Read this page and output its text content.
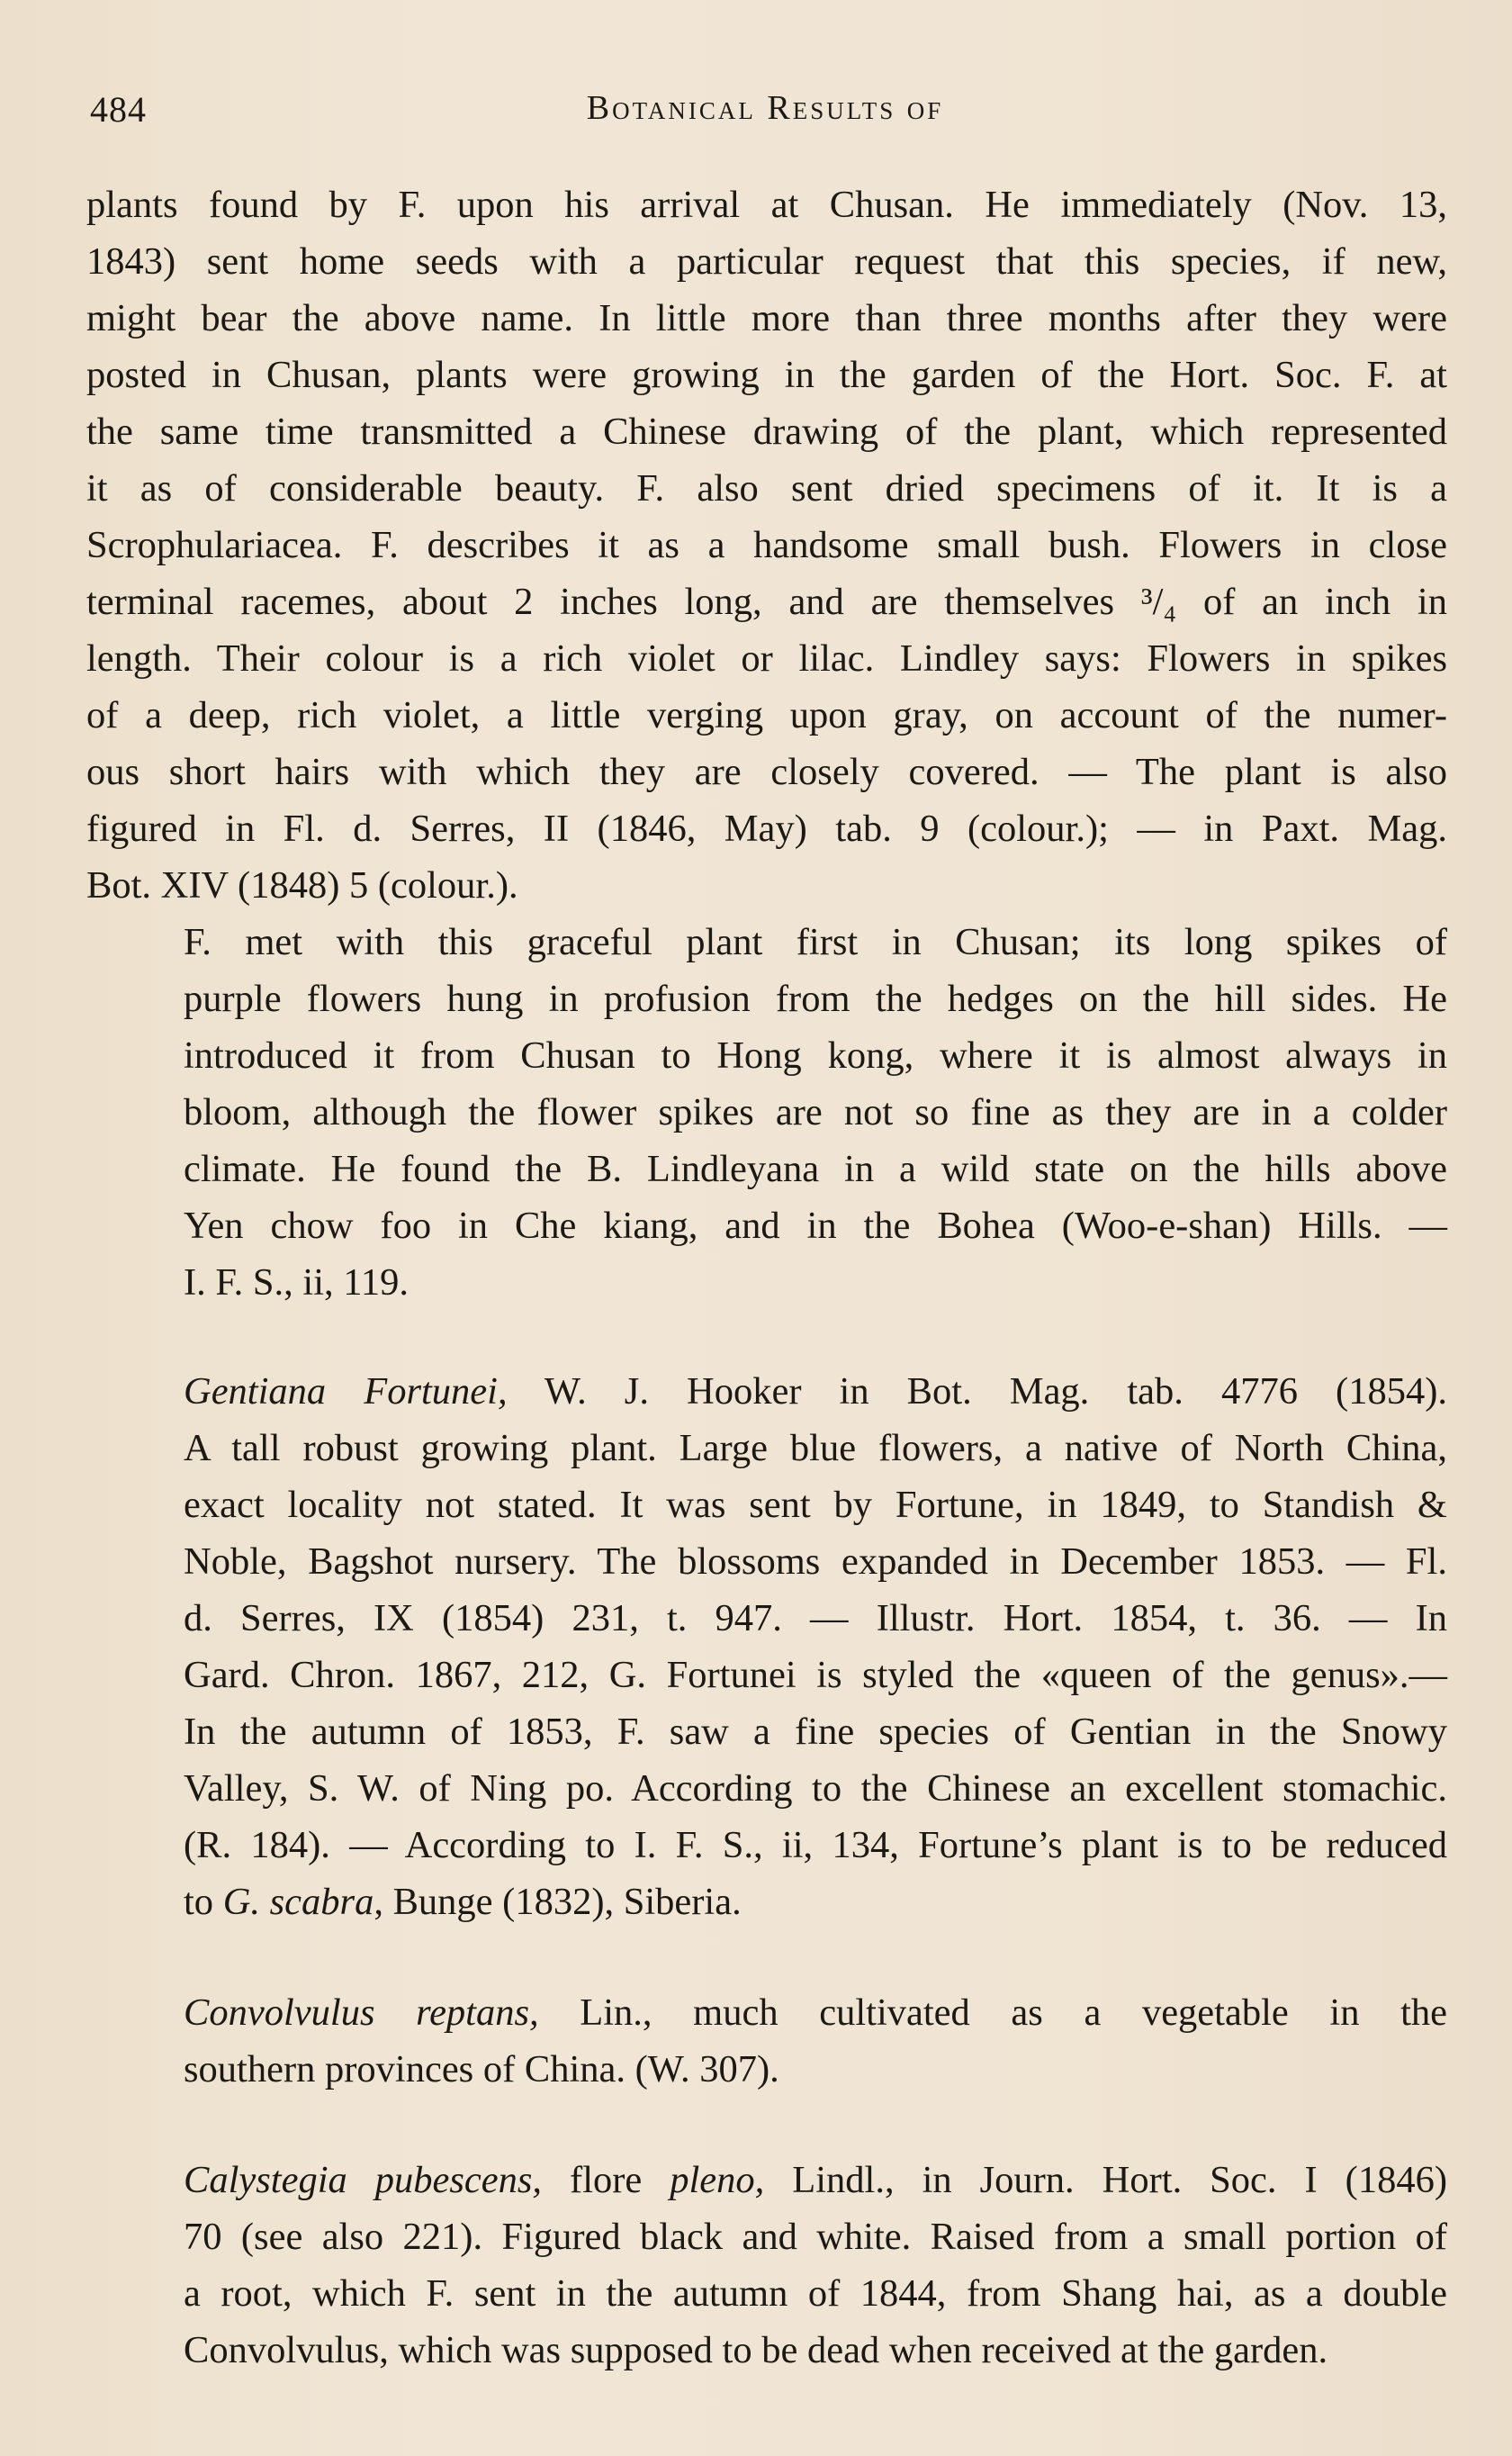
484	Botanical Results of

plants found by F. upon his arrival at Chusan. He immediately (Nov. 13,
1843) sent home seeds with a particular request that this species, if new,
might bear the above name. In little more than three months after they were
posted in Chusan, plants were growing in the garden of the Hort. Soc. F. at
the same time transmitted a Chinese drawing of the plant, which represented
it as of considerable beauty. F. also sent dried specimens of it. It is a
Scrophulariacea. F. describes it as a handsome small bush. Flowers in close
terminal racemes, about 2 inches long, and are themselves ³/₄ of an inch in
length. Their colour is a rich violet or lilac. Lindley says: Flowers in spikes
of a deep, rich violet, a little verging upon gray, on account of the numer-
ous short hairs with which they are closely covered. — The plant is also
figured in Fl. d. Serres, II (1846, May) tab. 9 (colour.); — in Paxt. Mag.
Bot. XIV (1848) 5 (colour.).

F. met with this graceful plant first in Chusan; its long spikes of
purple flowers hung in profusion from the hedges on the hill sides. He
introduced it from Chusan to Hong kong, where it is almost always in
bloom, although the flower spikes are not so fine as they are in a colder
climate. He found the B. Lindleyana in a wild state on the hills above
Yen chow foo in Che kiang, and in the Bohea (Woo-e-shan) Hills. —
I. F. S., ii, 119.

Gentiana Fortunei, W. J. Hooker in Bot. Mag. tab. 4776 (1854).
A tall robust growing plant. Large blue flowers, a native of North China,
exact locality not stated. It was sent by Fortune, in 1849, to Standish &
Noble, Bagshot nursery. The blossoms expanded in December 1853. — Fl.
d. Serres, IX (1854) 231, t. 947. — Illustr. Hort. 1854, t. 36. — In
Gard. Chron. 1867, 212, G. Fortunei is styled the «queen of the genus».—
In the autumn of 1853, F. saw a fine species of Gentian in the Snowy
Valley, S. W. of Ning po. According to the Chinese an excellent stomachic.
(R. 184). — According to I. F. S., ii, 134, Fortune’s plant is to be reduced
to G. scabra, Bunge (1832), Siberia.

Convolvulus reptans, Lin., much cultivated as a vegetable in the
southern provinces of China. (W. 307).

Calystegia pubescens, flore pleno, Lindl., in Journ. Hort. Soc. I (1846)
70 (see also 221). Figured black and white. Raised from a small portion of
a root, which F. sent in the autumn of 1844, from Shang hai, as a double
Convolvulus, which was supposed to be dead when received at the garden.
